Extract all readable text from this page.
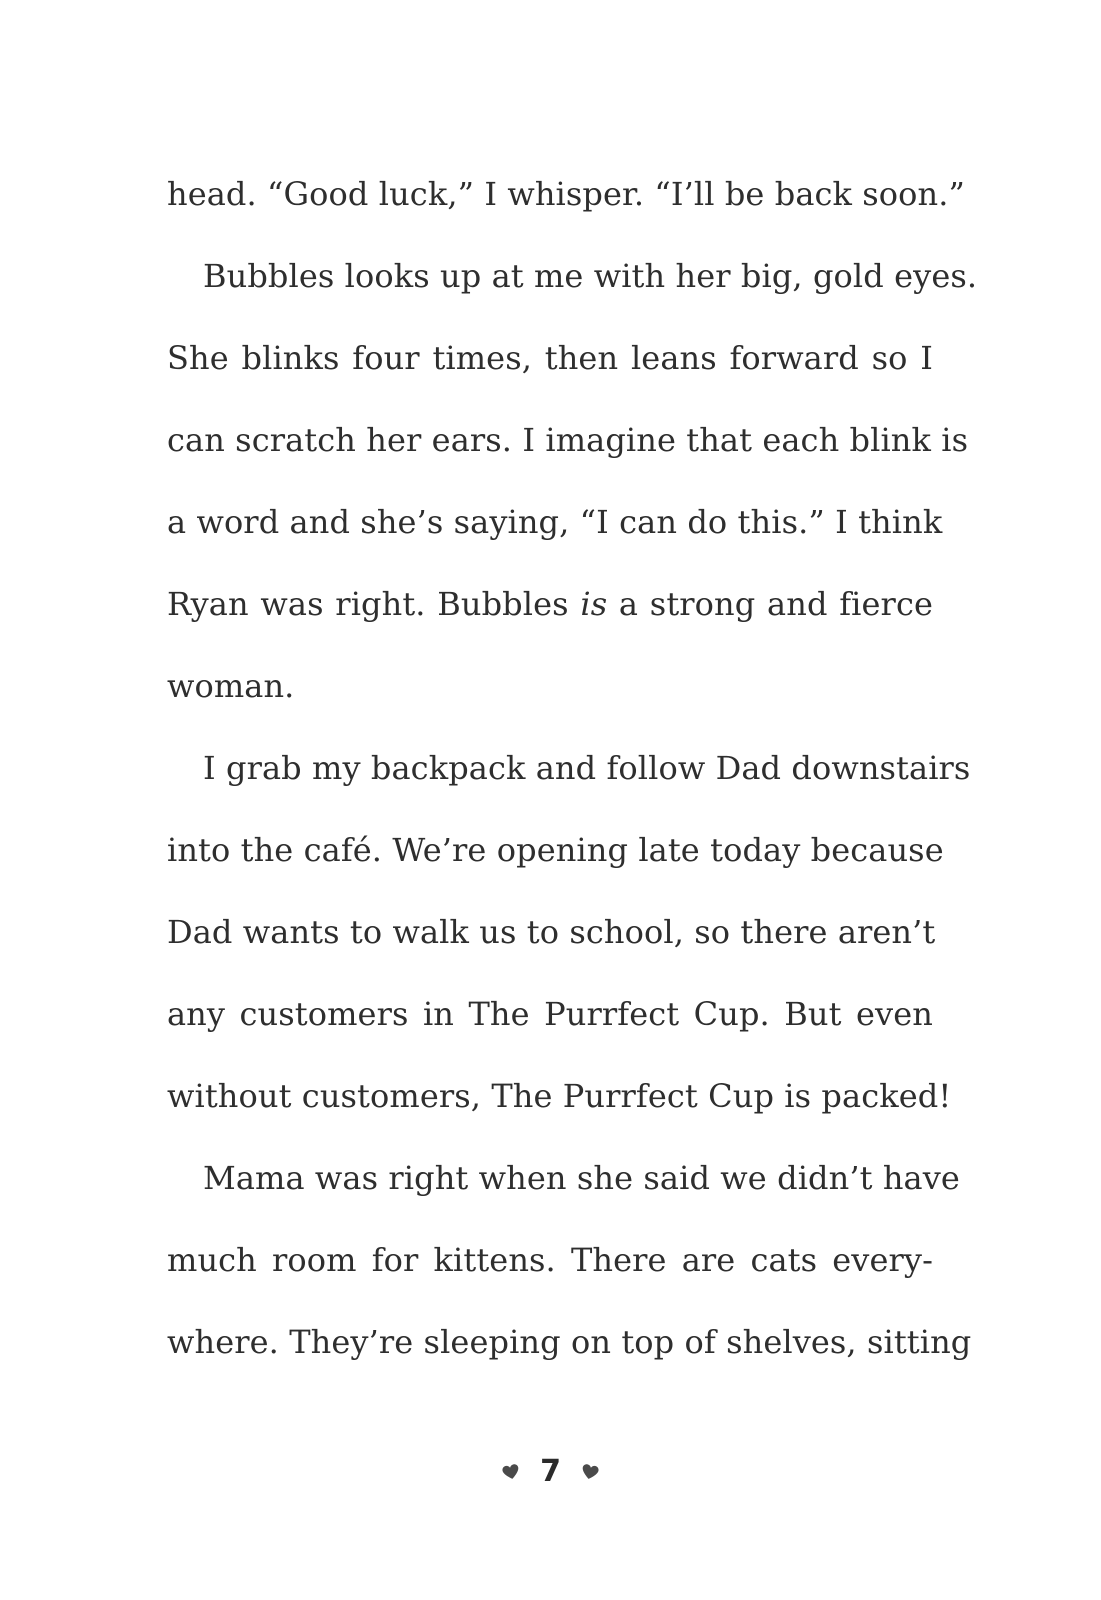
head. “Good luck,” I whisper. “I’ll be back soon.”
Bubbles looks up at me with her big, gold eyes.
She blinks four times, then leans forward so I
can scratch her ears. I imagine that each blink is
a word and she’s saying, “I can do this.” I think
Ryan was right. Bubbles is a strong and fierce
woman.
I grab my backpack and follow Dad downstairs
into the café. We’re opening late today because
Dad wants to walk us to school, so there aren’t
any customers in The Purrfect Cup. But even
without customers, The Purrfect Cup is packed!
Mama was right when she said we didn’t have
much room for kittens. There are cats every-
where. They’re sleeping on top of shelves, sitting
7
